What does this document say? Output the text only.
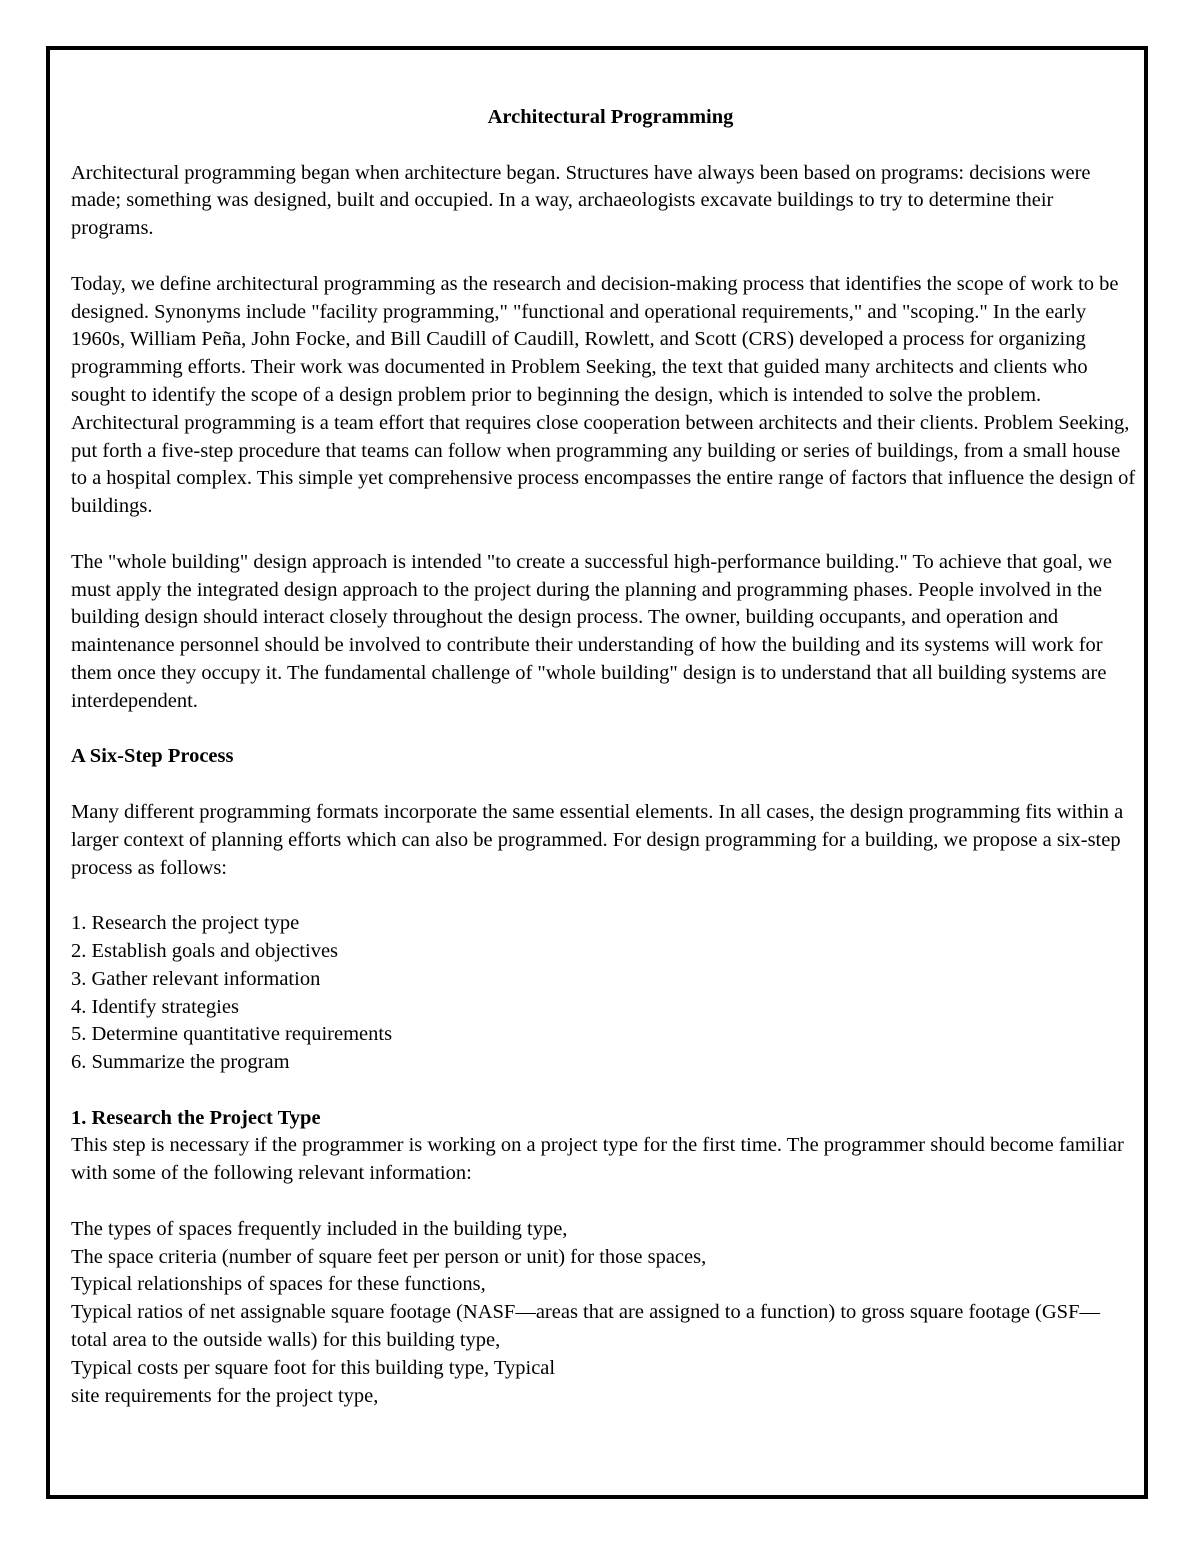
Architectural Programming

Architectural programming began when architecture began. Structures have always been based on programs: decisions were made; something was designed, built and occupied. In a way, archaeologists excavate buildings to try to determine their programs.

Today, we define architectural programming as the research and decision-making process that identifies the scope of work to be designed. Synonyms include "facility programming," "functional and operational requirements," and "scoping." In the early 1960s, William Peña, John Focke, and Bill Caudill of Caudill, Rowlett, and Scott (CRS) developed a process for organizing programming efforts. Their work was documented in Problem Seeking, the text that guided many architects and clients who sought to identify the scope of a design problem prior to beginning the design, which is intended to solve the problem. Architectural programming is a team effort that requires close cooperation between architects and their clients. Problem Seeking, put forth a five-step procedure that teams can follow when programming any building or series of buildings, from a small house to a hospital complex. This simple yet comprehensive process encompasses the entire range of factors that influence the design of buildings.

The "whole building" design approach is intended "to create a successful high-performance building." To achieve that goal, we must apply the integrated design approach to the project during the planning and programming phases. People involved in the building design should interact closely throughout the design process. The owner, building occupants, and operation and maintenance personnel should be involved to contribute their understanding of how the building and its systems will work for them once they occupy it. The fundamental challenge of "whole building" design is to understand that all building systems are interdependent.

A Six-Step Process

Many different programming formats incorporate the same essential elements. In all cases, the design programming fits within a larger context of planning efforts which can also be programmed. For design programming for a building, we propose a six-step process as follows:

1. Research the project type
2. Establish goals and objectives
3. Gather relevant information
4. Identify strategies
5. Determine quantitative requirements
6. Summarize the program
1. Research the Project Type

This step is necessary if the programmer is working on a project type for the first time. The programmer should become familiar with some of the following relevant information:

The types of spaces frequently included in the building type,
The space criteria (number of square feet per person or unit) for those spaces,
Typical relationships of spaces for these functions,
Typical ratios of net assignable square footage (NASF—areas that are assigned to a function) to gross square footage (GSF—total area to the outside walls) for this building type,
Typical costs per square foot for this building type, Typical
site requirements for the project type,
